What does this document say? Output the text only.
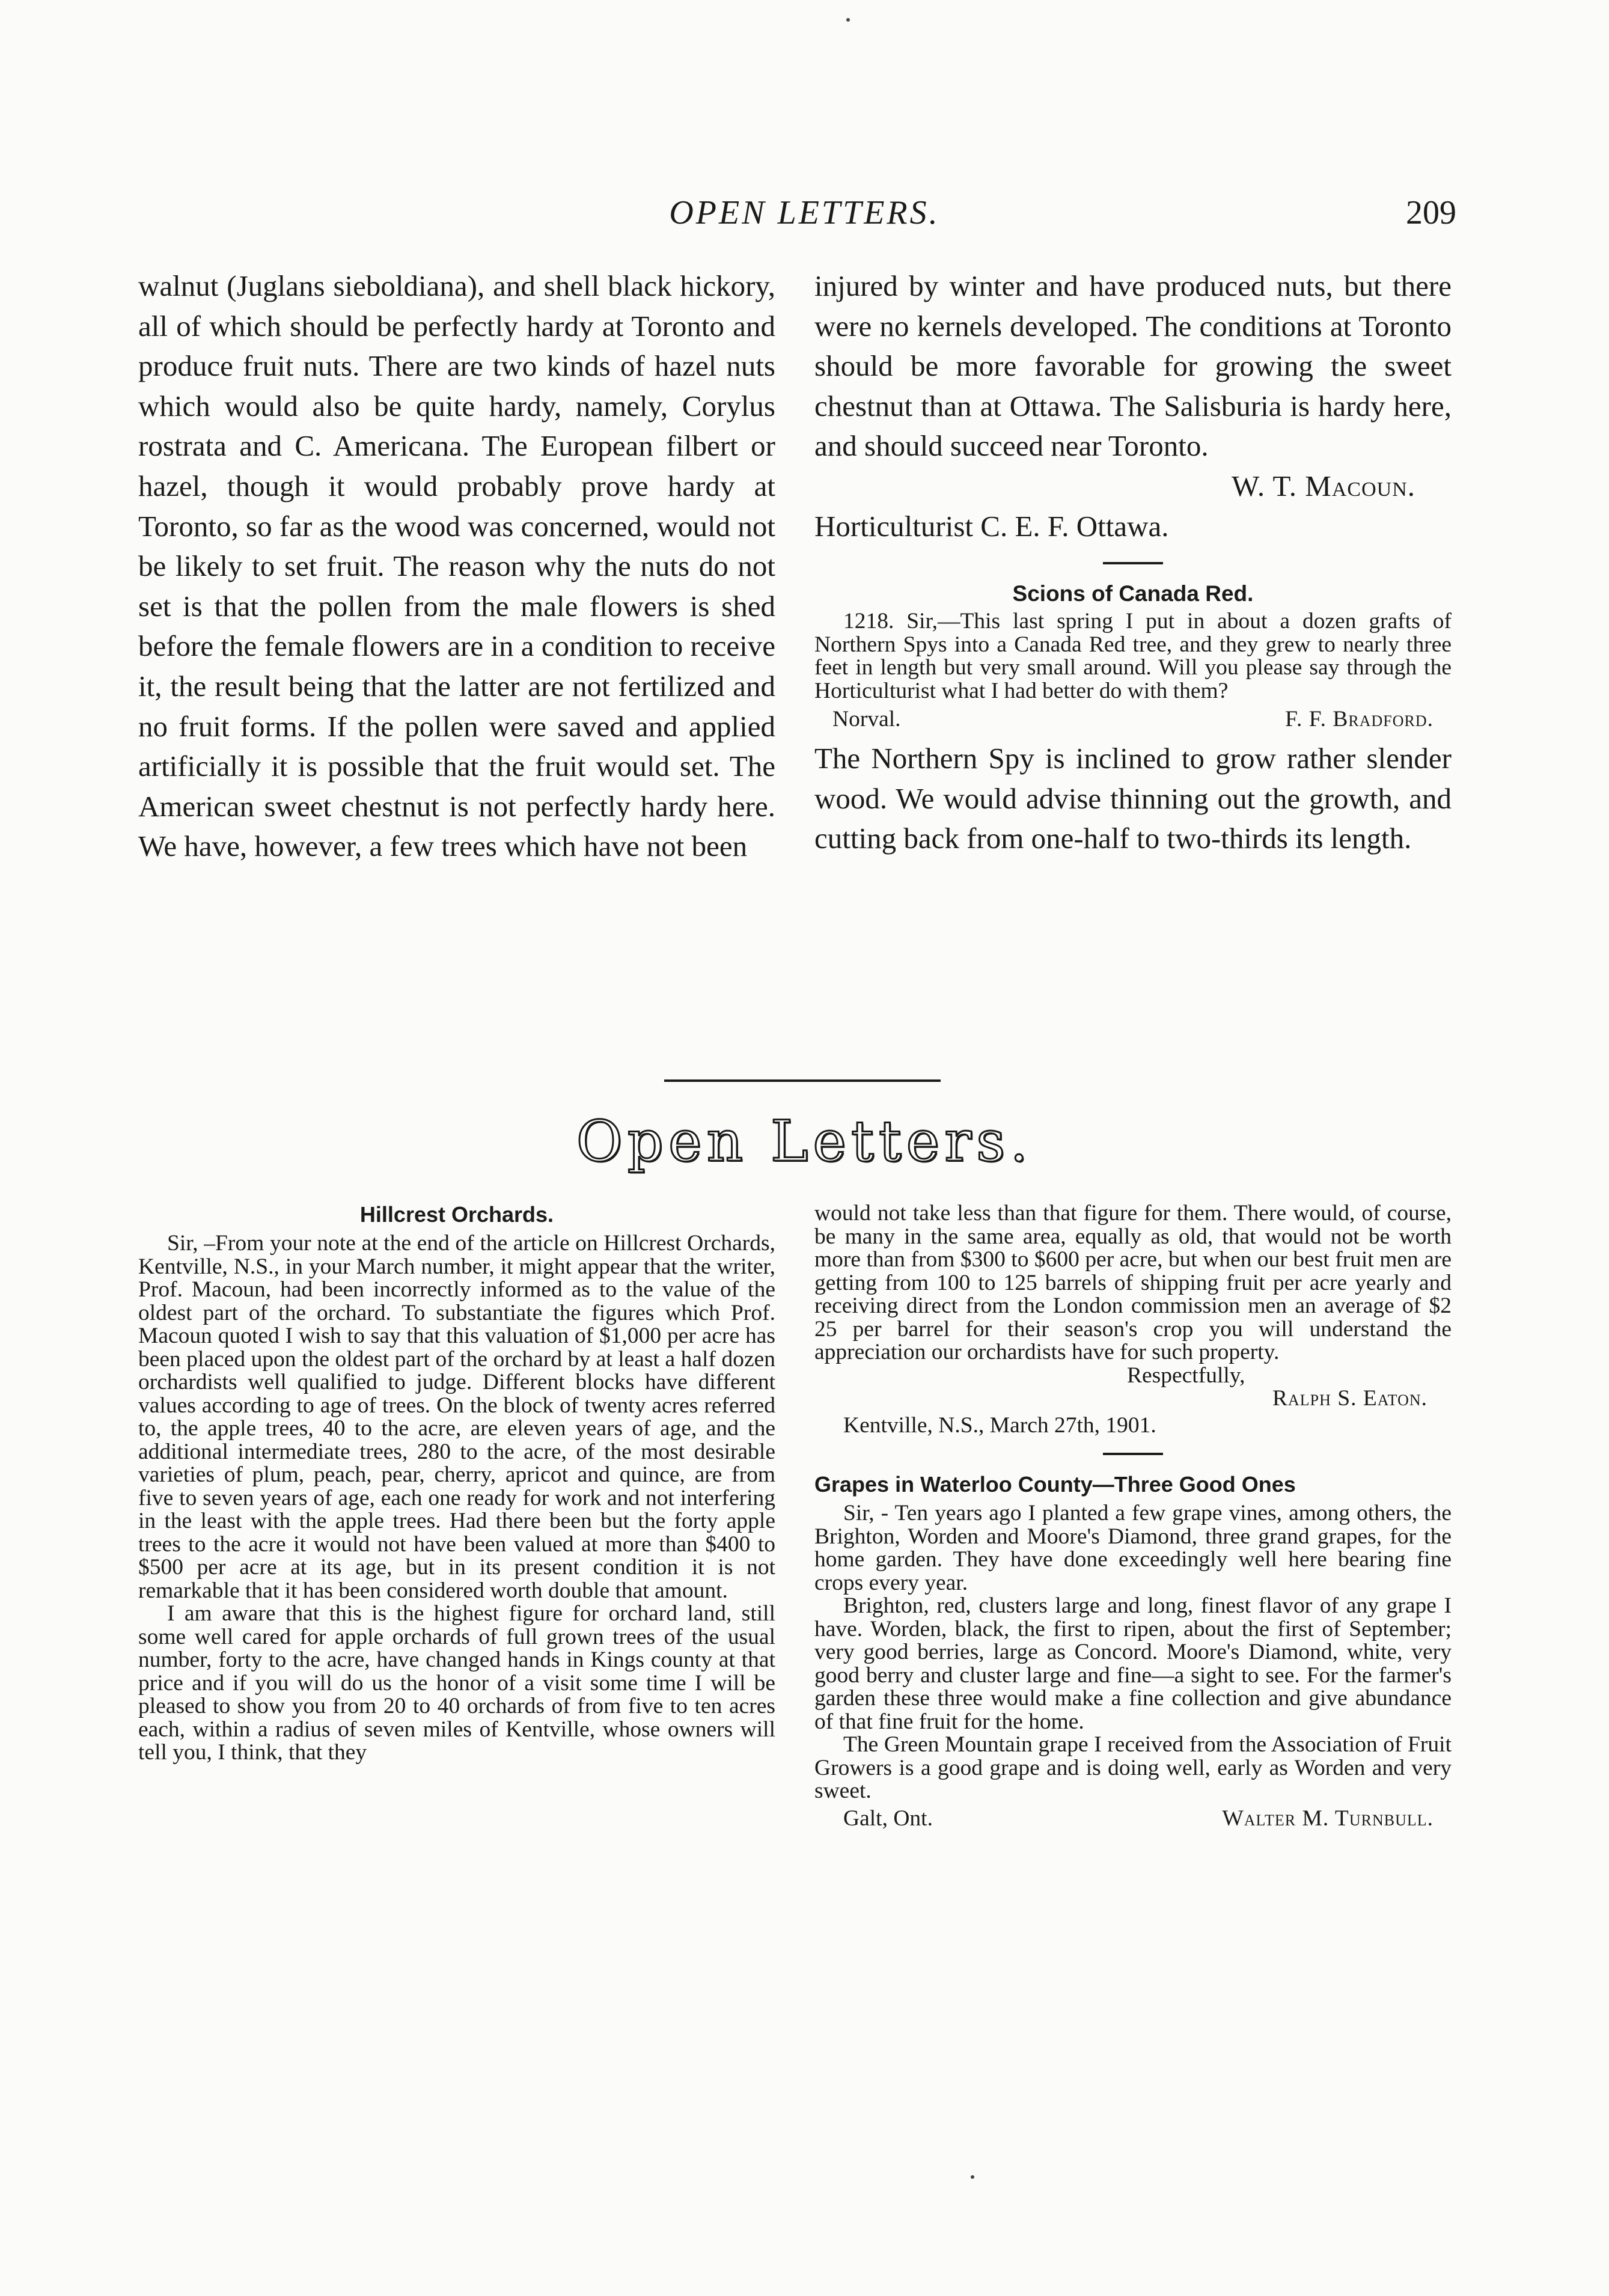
OPEN LETTERS.	209

walnut (Juglans sieboldiana), and shell black hickory, all of which should be perfectly hardy at Toronto and produce fruit nuts. There are two kinds of hazel nuts which would also be quite hardy, namely, Corylus rostrata and C. Americana. The European filbert or hazel, though it would probably prove hardy at Toronto, so far as the wood was concerned, would not be likely to set fruit. The reason why the nuts do not set is that the pollen from the male flowers is shed before the female flowers are in a condition to receive it, the result being that the latter are not fertilized and no fruit forms. If the pollen were saved and applied artificially it is possible that the fruit would set. The American sweet chestnut is not perfectly hardy here. We have, however, a few trees which have not been

injured by winter and have produced nuts, but there were no kernels developed. The conditions at Toronto should be more favorable for growing the sweet chestnut than at Ottawa. The Salisburia is hardy here, and should succeed near Toronto.

W. T. Macoun.
Horticulturist C. E. F. Ottawa.
Scions of Canada Red.

1218. Sir,—This last spring I put in about a dozen grafts of Northern Spys into a Canada Red tree, and they grew to nearly three feet in length but very small around. Will you please say through the Horticulturist what I had better do with them?

Norval.	F. F. Bradford.

The Northern Spy is inclined to grow rather slender wood. We would advise thinning out the growth, and cutting back from one-half to two-thirds its length.

Open Letters.
Hillcrest Orchards.

Sir, –From your note at the end of the article on Hillcrest Orchards, Kentville, N.S., in your March number, it might appear that the writer, Prof. Macoun, had been incorrectly informed as to the value of the oldest part of the orchard. To substantiate the figures which Prof. Macoun quoted I wish to say that this valuation of $1,000 per acre has been placed upon the oldest part of the orchard by at least a half dozen orchardists well qualified to judge. Different blocks have different values according to age of trees. On the block of twenty acres referred to, the apple trees, 40 to the acre, are eleven years of age, and the additional intermediate trees, 280 to the acre, of the most desirable varieties of plum, peach, pear, cherry, apricot and quince, are from five to seven years of age, each one ready for work and not interfering in the least with the apple trees. Had there been but the forty apple trees to the acre it would not have been valued at more than $400 to $500 per acre at its age, but in its present condition it is not remarkable that it has been considered worth double that amount.

I am aware that this is the highest figure for orchard land, still some well cared for apple orchards of full grown trees of the usual number, forty to the acre, have changed hands in Kings county at that price and if you will do us the honor of a visit some time I will be pleased to show you from 20 to 40 orchards of from five to ten acres each, within a radius of seven miles of Kentville, whose owners will tell you, I think, that they

would not take less than that figure for them. There would, of course, be many in the same area, equally as old, that would not be worth more than from $300 to $600 per acre, but when our best fruit men are getting from 100 to 125 barrels of shipping fruit per acre yearly and receiving direct from the London commission men an average of $2 25 per barrel for their season's crop you will understand the appreciation our orchardists have for such property.

Respectfully,
Ralph S. Eaton.
Kentville, N.S., March 27th, 1901.
Grapes in Waterloo County—Three Good Ones

Sir, - Ten years ago I planted a few grape vines, among others, the Brighton, Worden and Moore's Diamond, three grand grapes, for the home garden. They have done exceedingly well here bearing fine crops every year.

Brighton, red, clusters large and long, finest flavor of any grape I have. Worden, black, the first to ripen, about the first of September; very good berries, large as Concord. Moore's Diamond, white, very good berry and cluster large and fine—a sight to see. For the farmer's garden these three would make a fine collection and give abundance of that fine fruit for the home.

The Green Mountain grape I received from the Association of Fruit Growers is a good grape and is doing well, early as Worden and very sweet.

Galt, Ont.	Walter M. Turnbull.
